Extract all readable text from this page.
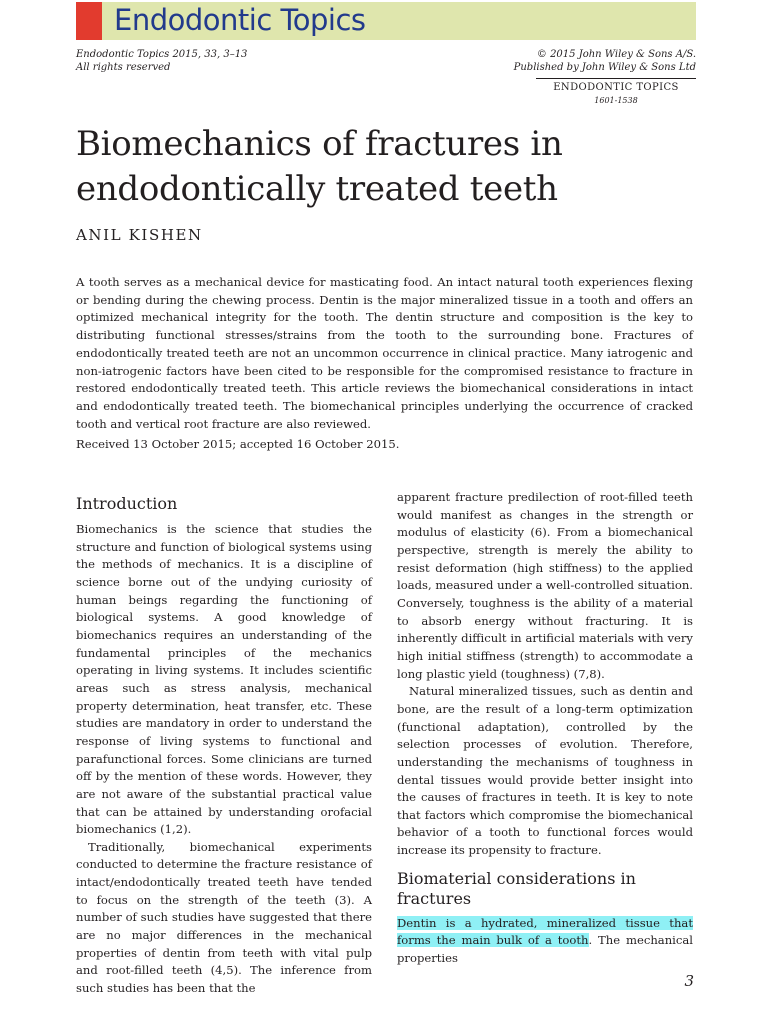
Endodontic Topics
Endodontic Topics 2015, 33, 3–13
All rights reserved
© 2015 John Wiley & Sons A/S.
Published by John Wiley & Sons Ltd
ENDODONTIC TOPICS
1601-1538
Biomechanics of fractures in endodontically treated teeth
ANIL KISHEN

A tooth serves as a mechanical device for masticating food. An intact natural tooth experiences flexing or bending during the chewing process. Dentin is the major mineralized tissue in a tooth and offers an optimized mechanical integrity for the tooth. The dentin structure and composition is the key to distributing functional stresses/strains from the tooth to the surrounding bone. Fractures of endodontically treated teeth are not an uncommon occurrence in clinical practice. Many iatrogenic and non-iatrogenic factors have been cited to be responsible for the compromised resistance to fracture in restored endodontically treated teeth. This article reviews the biomechanical considerations in intact and endodontically treated teeth. The biomechanical principles underlying the occurrence of cracked tooth and vertical root fracture are also reviewed.

Received 13 October 2015; accepted 16 October 2015.
Introduction

Biomechanics is the science that studies the structure and function of biological systems using the methods of mechanics. It is a discipline of science borne out of the undying curiosity of human beings regarding the functioning of biological systems. A good knowledge of biomechanics requires an understanding of the fundamental principles of the mechanics operating in living systems. It includes scientific areas such as stress analysis, mechanical property determination, heat transfer, etc. These studies are mandatory in order to understand the response of living systems to functional and parafunctional forces. Some clinicians are turned off by the mention of these words. However, they are not aware of the substantial practical value that can be attained by understanding orofacial biomechanics (1,2).

Traditionally, biomechanical experiments conducted to determine the fracture resistance of intact/endodontically treated teeth have tended to focus on the strength of the teeth (3). A number of such studies have suggested that there are no major differences in the mechanical properties of dentin from teeth with vital pulp and root-filled teeth (4,5). The inference from such studies has been that the

apparent fracture predilection of root-filled teeth would manifest as changes in the strength or modulus of elasticity (6). From a biomechanical perspective, strength is merely the ability to resist deformation (high stiffness) to the applied loads, measured under a well-controlled situation. Conversely, toughness is the ability of a material to absorb energy without fracturing. It is inherently difficult in artificial materials with very high initial stiffness (strength) to accommodate a long plastic yield (toughness) (7,8).

Natural mineralized tissues, such as dentin and bone, are the result of a long-term optimization (functional adaptation), controlled by the selection processes of evolution. Therefore, understanding the mechanisms of toughness in dental tissues would provide better insight into the causes of fractures in teeth. It is key to note that factors which compromise the biomechanical behavior of a tooth to functional forces would increase its propensity to fracture.

Biomaterial considerations in fractures

Dentin is a hydrated, mineralized tissue that forms the main bulk of a tooth. The mechanical properties

3
